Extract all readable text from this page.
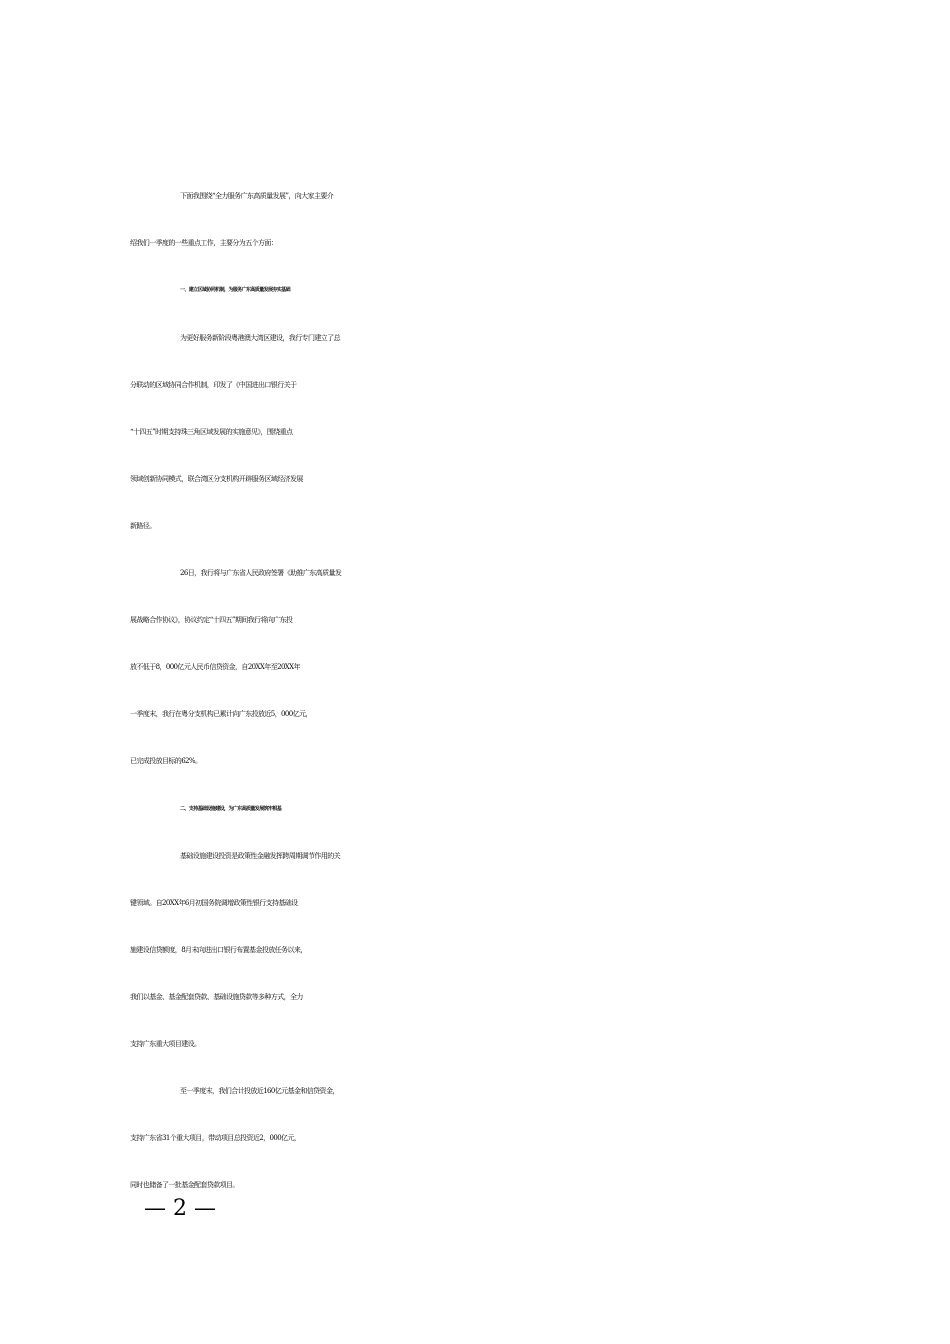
下面我围绕“全力服务广东高质量发展”，向大家主要介
绍我们一季度的一些重点工作，主要分为五个方面：
一、建立区域协同机制，为服务广东高质量发展夯实基础
为更好服务新阶段粤港澳大湾区建设，我行专门建立了总
分联动的区域协同合作机制，印发了《中国进出口银行关于
“十四五”时期支持珠三角区域发展的实施意见》，围绕重点
领域创新协同模式，联合湾区分支机构开辟服务区域经济发展
新路径。
26日，我行将与广东省人民政府签署《助推广东高质量发
展战略合作协议》，协议约定“十四五”期间我行将向广东投
放不低于8，000亿元人民币信贷资金，自20XX年至20XX年
一季度末，我行在粤分支机构已累计向广东投放近5，000亿元，
已完成投放目标的62%。
二、支持基础设施建设，为广东高质量发展筑牢根基
基础设施建设投资是政策性金融发挥跨周期调节作用的关
键领域。自20XX年6月初国务院调增政策性银行支持基础设
施建设信贷额度，8月末向进出口银行布置基金投放任务以来，
我们以基金、基金配套贷款、基础设施贷款等多种方式，全力
支持广东重大项目建设。
至一季度末，我们合计投放近160亿元基金和信贷资金，
支持广东省31个重大项目，带动项目总投资近2，000亿元，
同时也储备了一批基金配套贷款项目。
— 2 —
